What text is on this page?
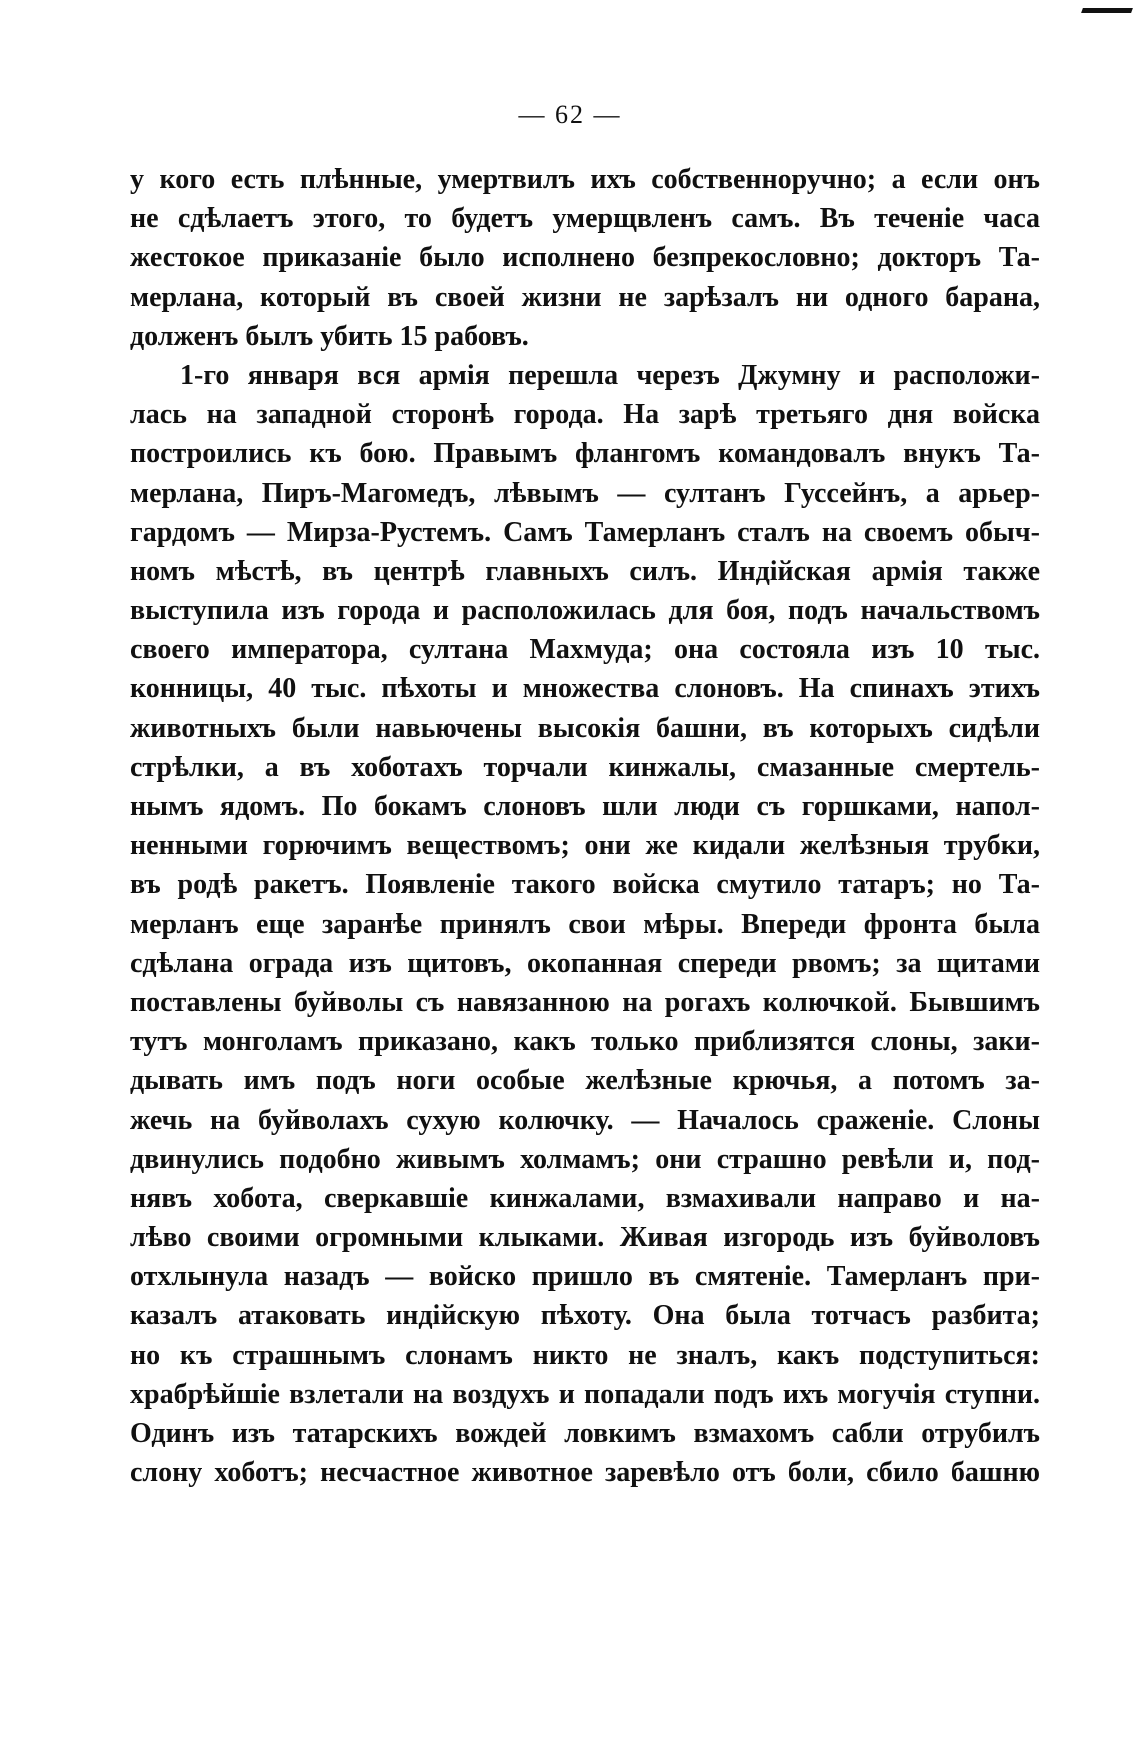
— 62 —
у кого есть плѣнные, умертвилъ ихъ собственноручно; а если онъ
не сдѣлаетъ этого, то будетъ умерщвленъ самъ. Въ теченіе часа
жестокое приказаніе было исполнено безпрекословно; докторъ Та-
мерлана, который въ своей жизни не зарѣзалъ ни одного барана,
долженъ былъ убить 15 рабовъ.
1-го января вся армія перешла черезъ Джумну и расположи-
лась на западной сторонѣ города. На зарѣ третьяго дня войска
построились къ бою. Правымъ флангомъ командовалъ внукъ Та-
мерлана, Пиръ-Магомедъ, лѣвымъ — султанъ Гуссейнъ, а арьер-
гардомъ — Мирза-Рустемъ. Самъ Тамерланъ сталъ на своемъ обыч-
номъ мѣстѣ, въ центрѣ главныхъ силъ. Индійская армія также
выступила изъ города и расположилась для боя, подъ начальствомъ
своего императора, султана Махмуда; она состояла изъ 10 тыс.
конницы, 40 тыс. пѣхоты и множества слоновъ. На спинахъ этихъ
животныхъ были навьючены высокія башни, въ которыхъ сидѣли
стрѣлки, а въ хоботахъ торчали кинжалы, смазанные смертель-
нымъ ядомъ. По бокамъ слоновъ шли люди съ горшками, напол-
ненными горючимъ веществомъ; они же кидали желѣзныя трубки,
въ родѣ ракетъ. Появленіе такого войска смутило татаръ; но Та-
мерланъ еще заранѣе принялъ свои мѣры. Впереди фронта была
сдѣлана ограда изъ щитовъ, окопанная спереди рвомъ; за щитами
поставлены буйволы съ навязанною на рогахъ колючкой. Бывшимъ
тутъ монголамъ приказано, какъ только приблизятся слоны, заки-
дывать имъ подъ ноги особые желѣзные крючья, а потомъ за-
жечь на буйволахъ сухую колючку. — Началось сраженіе. Слоны
двинулись подобно живымъ холмамъ; они страшно ревѣли и, под-
нявъ хобота, сверкавшіе кинжалами, взмахивали направо и на-
лѣво своими огромными клыками. Живая изгородь изъ буйволовъ
отхлынула назадъ — войско пришло въ смятеніе. Тамерланъ при-
казалъ атаковать индійскую пѣхоту. Она была тотчасъ разбита;
но къ страшнымъ слонамъ никто не зналъ, какъ подступиться:
храбрѣйшіе взлетали на воздухъ и попадали подъ ихъ могучія ступни.
Одинъ изъ татарскихъ вождей ловкимъ взмахомъ сабли отрубилъ
слону хоботъ; несчастное животное заревѣло отъ боли, сбило башню
